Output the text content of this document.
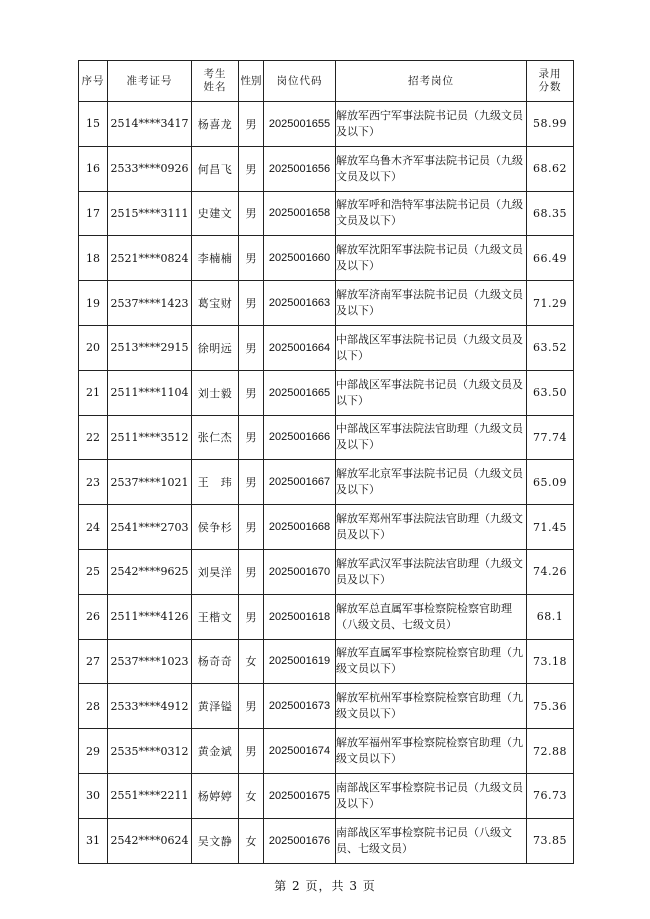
序号	准考证号	考生姓名	性别	岗位代码	招考岗位	录用分数
15	2514****3417	杨喜龙	男	2025001655	解放军西宁军事法院书记员（九级文员及以下）	58.99
16	2533****0926	何昌飞	男	2025001656	解放军乌鲁木齐军事法院书记员（九级文员及以下）	68.62
17	2515****3111	史建文	男	2025001658	解放军呼和浩特军事法院书记员（九级文员及以下）	68.35
18	2521****0824	李楠楠	男	2025001660	解放军沈阳军事法院书记员（九级文员及以下）	66.49
19	2537****1423	葛宝财	男	2025001663	解放军济南军事法院书记员（九级文员及以下）	71.29
20	2513****2915	徐明远	男	2025001664	中部战区军事法院书记员（九级文员及以下）	63.52
21	2511****1104	刘士毅	男	2025001665	中部战区军事法院书记员（九级文员及以下）	63.50
22	2511****3512	张仁杰	男	2025001666	中部战区军事法院法官助理（九级文员及以下）	77.74
23	2537****1021	王　玮	男	2025001667	解放军北京军事法院书记员（九级文员及以下）	65.09
24	2541****2703	侯争杉	男	2025001668	解放军郑州军事法院法官助理（九级文员及以下）	71.45
25	2542****9625	刘昊洋	男	2025001670	解放军武汉军事法院法官助理（九级文员及以下）	74.26
26	2511****4126	王楷文	男	2025001618	解放军总直属军事检察院检察官助理（八级文员、七级文员）	68.1
27	2537****1023	杨奇奇	女	2025001619	解放军直属军事检察院检察官助理（九级文员以下）	73.18
28	2533****4912	黄泽镒	男	2025001673	解放军杭州军事检察院检察官助理（九级文员以下）	75.36
29	2535****0312	黄金斌	男	2025001674	解放军福州军事检察院检察官助理（九级文员以下）	72.88
30	2551****2211	杨婷婷	女	2025001675	南部战区军事检察院书记员（九级文员及以下）	76.73
31	2542****0624	吴文静	女	2025001676	南部战区军事检察院书记员（八级文员、七级文员）	73.85
第 2 页，共 3 页
